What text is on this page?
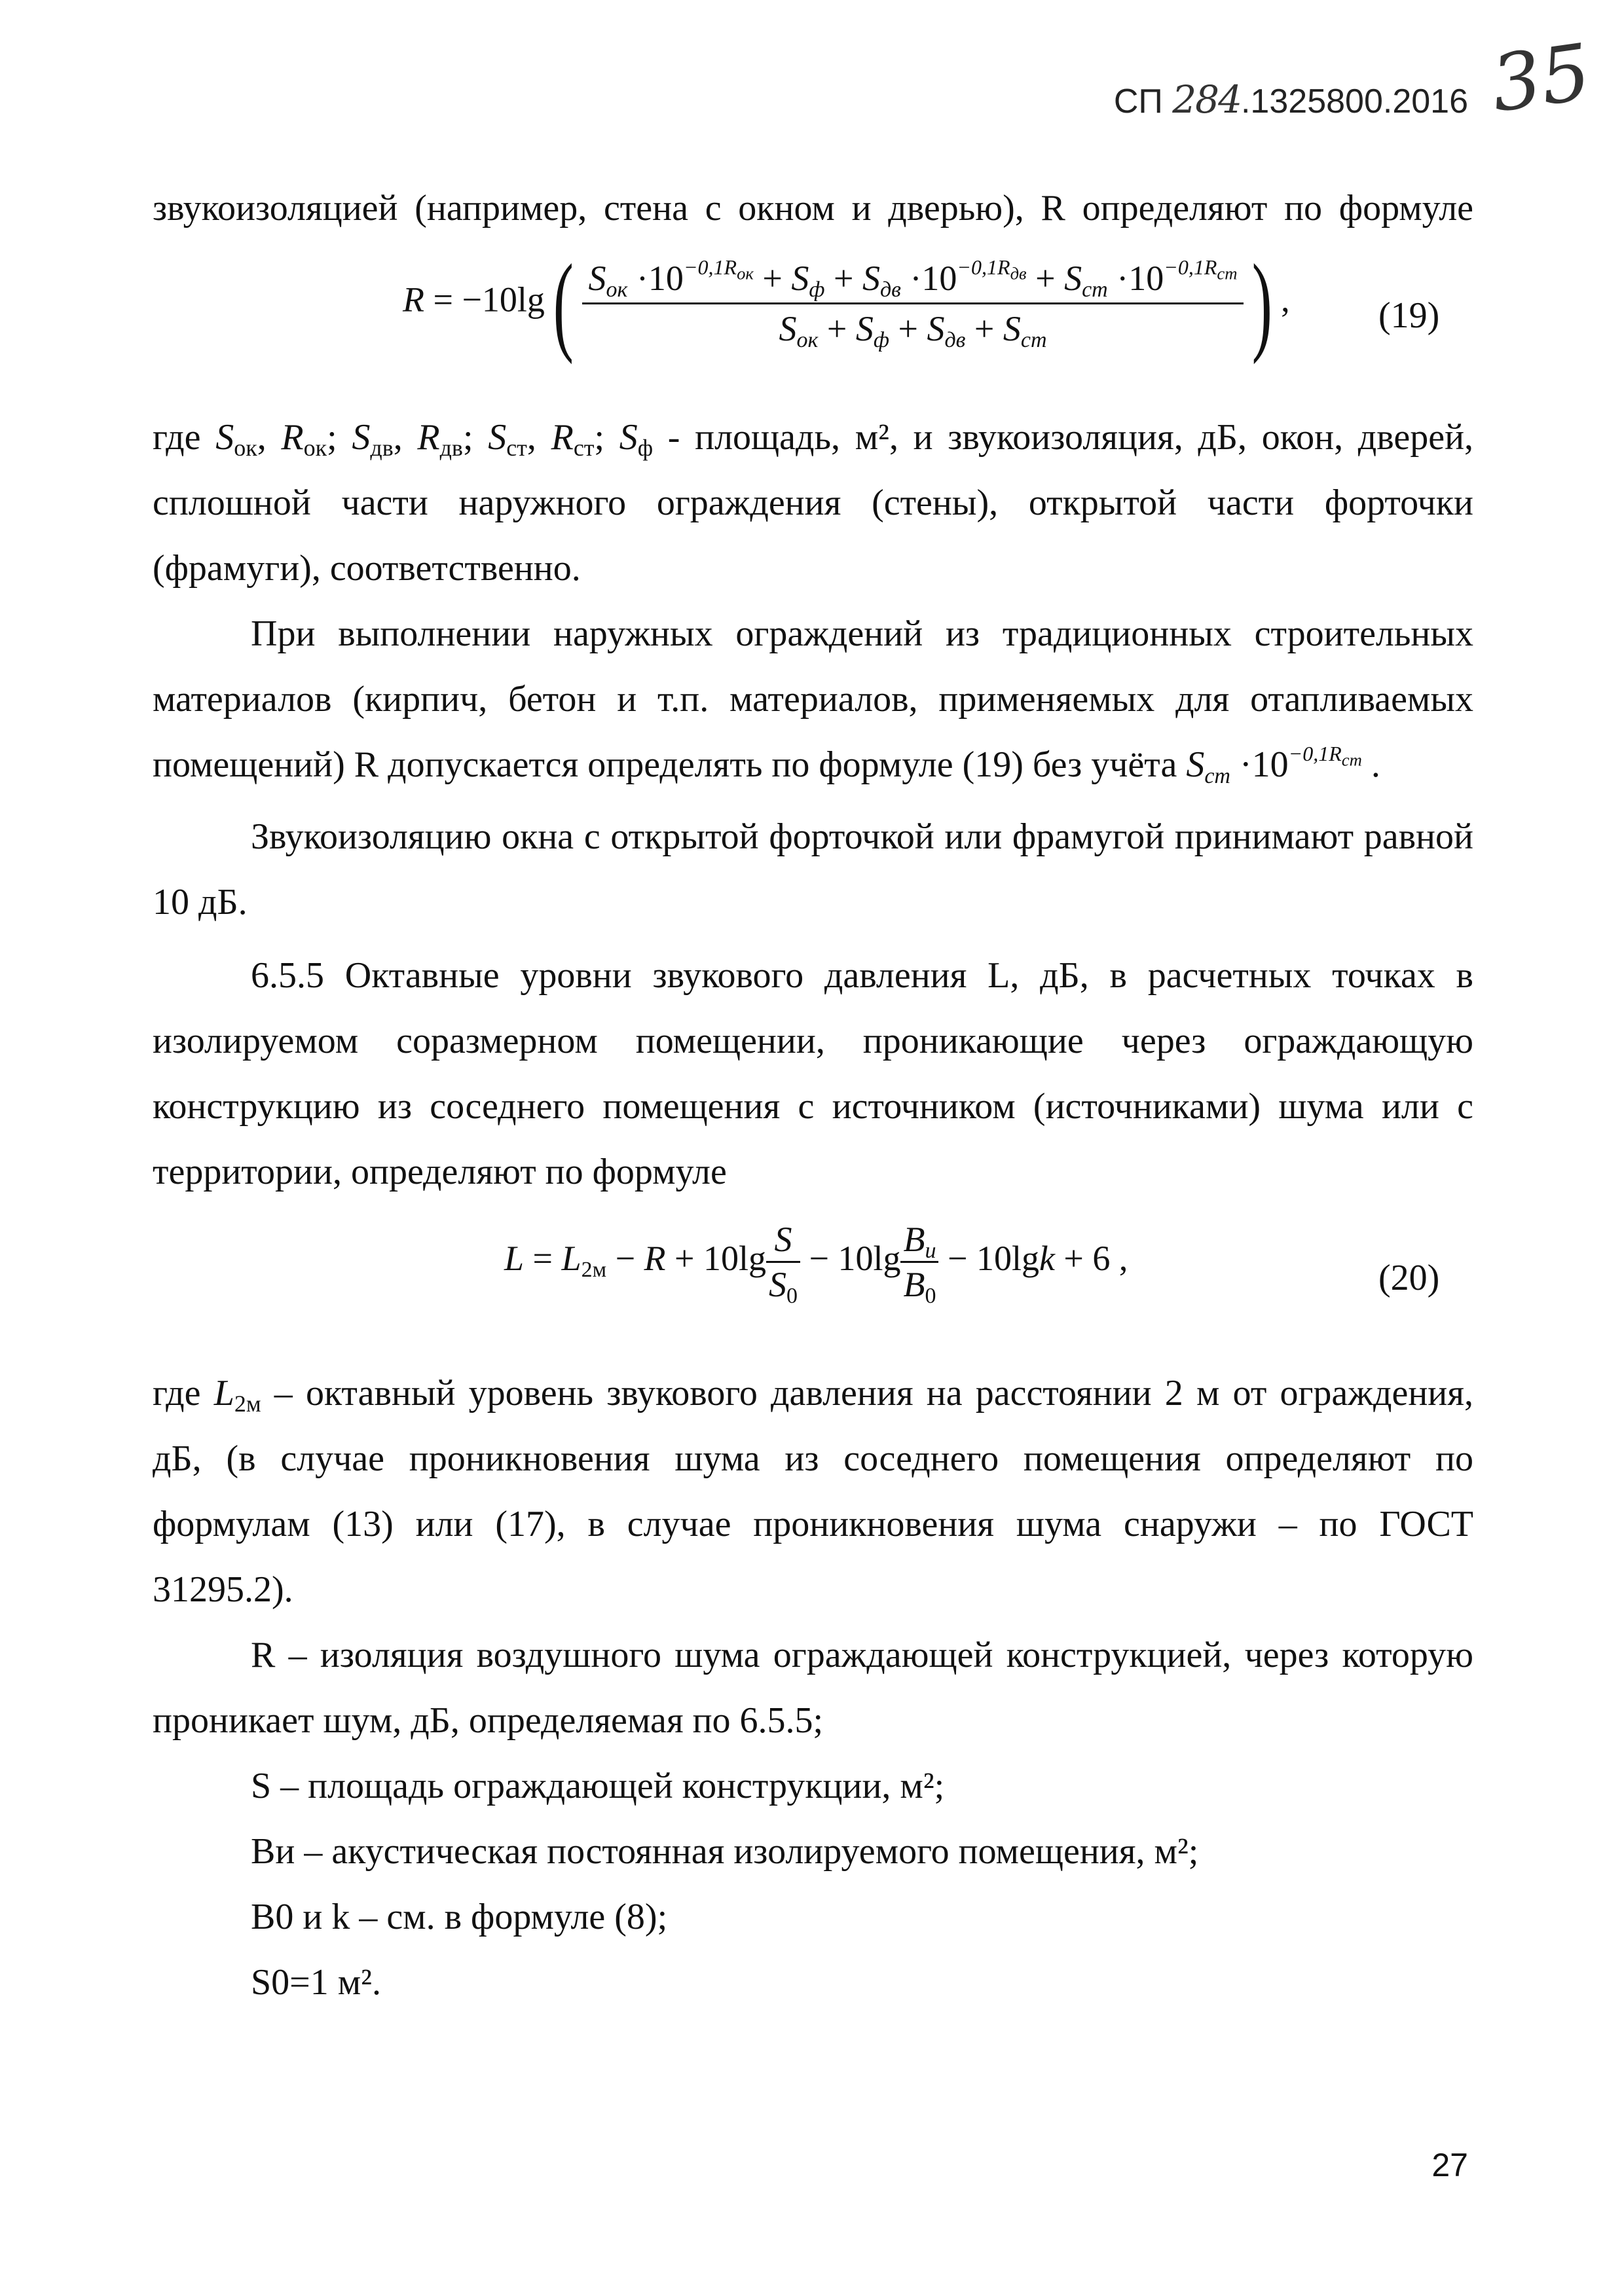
СП 284.1325800.2016 35
звукоизоляцией (например, стена с окном и дверью), R определяют по формуле
$R = -10\lg( \frac{Sок \cdot 10^{-0,1R_{ок}} + Sф + Sдв \cdot 10^{-0,1R_{дв}} + Sст \cdot 10^{-0,1R_{ст}}}{\text{Sок + Sф + Sдв + Sст}}$ ) , (19)
где $S_{ок}$, $R_{ок}$; $S_{дв}$, $R_{дв}$; $S_{ст}$, $R_{ст}$; $S_ф$ - площадь, м², и звукоизоляция, дБ, окон, дверей, сплошной части наружного ограждения (стены), открытой части форточки (фрамуги), соответственно.
При выполнении наружных ограждений из традиционных строительных материалов (кирпич, бетон и т.п. материалов, применяемых для отапливаемых помещений) R допускается определять по формуле (19) без учёта Sст $\cdot 10^{-0,1R_{ст}}$ .
Звукоизоляцию окна с открытой форточкой или фрамугой принимают равной 10 дБ.
6.5.5 Октавные уровни звукового давления L, дБ, в расчетных точках в изолируемом соразмерном помещении, проникающие через ограждающую конструкцию из соседнего помещения с источником (источниками) шума или с территории, определяют по формуле
$L = L2м - R + 10\lg \frac{S}{S0} - 10\lg \frac{Bи}{B0} - 10\lg k + 6$ ,	(20)
где $L_{2м}$ – октавный уровень звукового давления на расстоянии 2 м от ограждения, дБ, (в случае проникновения шума из соседнего помещения определяют по формулам (13) или (17), в случае проникновения шума снаружи – по ГОСТ 31295.2).
R – изоляция воздушного шума ограждающей конструкцией, через которую проникает шум, дБ, определяемая по 6.5.5;
S – площадь ограждающей конструкции, м²;
Bи – акустическая постоянная изолируемого помещения, м²;
B0 и k – см. в формуле (8);
S0=1 м².
27
